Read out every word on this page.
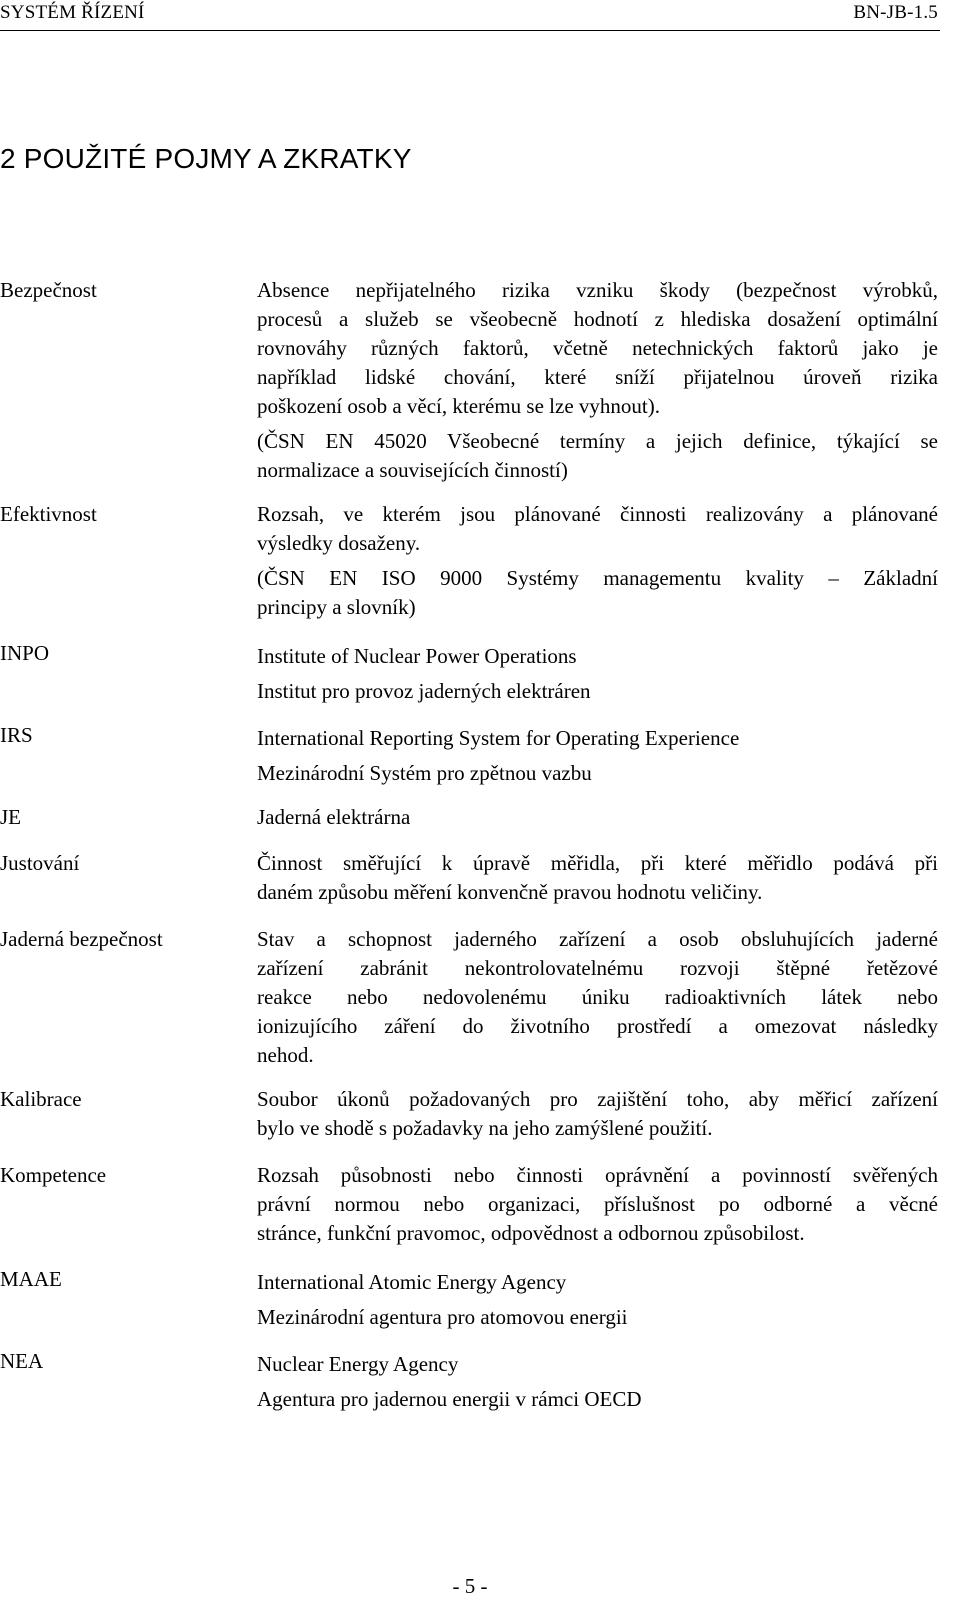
SYSTÉM ŘÍZENÍ	BN-JB-1.5
2 POUŽITÉ POJMY A ZKRATKY
Bezpečnost	Absence nepřijatelného rizika vzniku škody (bezpečnost výrobků,
procesů a služeb se všeobecně hodnotí z hlediska dosažení optimální
rovnováhy různých faktorů, včetně netechnických faktorů jako je
například lidské chování, které sníží přijatelnou úroveň rizika
poškození osob a věcí, kterému se lze vyhnout).

(ČSN EN 45020 Všeobecné termíny a jejich definice, týkající se
normalizace a souvisejících činností)

Efektivnost	Rozsah, ve kterém jsou plánované činnosti realizovány a plánované
výsledky dosaženy.

(ČSN EN ISO 9000 Systémy managementu kvality – Základní
principy a slovník)

INPO	Institute of Nuclear Power Operations
Institut pro provoz jaderných elektráren

IRS	International Reporting System for Operating Experience
Mezinárodní Systém pro zpětnou vazbu

JE	Jaderná elektrárna

Justování	Činnost směřující k úpravě měřidla, při které měřidlo podává při
daném způsobu měření konvenčně pravou hodnotu veličiny.

Jaderná bezpečnost	Stav a schopnost jaderného zařízení a osob obsluhujících jaderné
zařízení zabránit nekontrolovatelnému rozvoji štěpné řetězové
reakce nebo nedovolenému úniku radioaktivních látek nebo
ionizujícího záření do životního prostředí a omezovat následky
nehod.

Kalibrace	Soubor úkonů požadovaných pro zajištění toho, aby měřicí zařízení
bylo ve shodě s požadavky na jeho zamýšlené použití.

Kompetence	Rozsah působnosti nebo činnosti oprávnění a povinností svěřených
právní normou nebo organizaci, příslušnost po odborné a věcné
stránce, funkční pravomoc, odpovědnost a odbornou způsobilost.

MAAE	International Atomic Energy Agency
Mezinárodní agentura pro atomovou energii

NEA	Nuclear Energy Agency
Agentura pro jadernou energii v rámci OECD

- 5 -
